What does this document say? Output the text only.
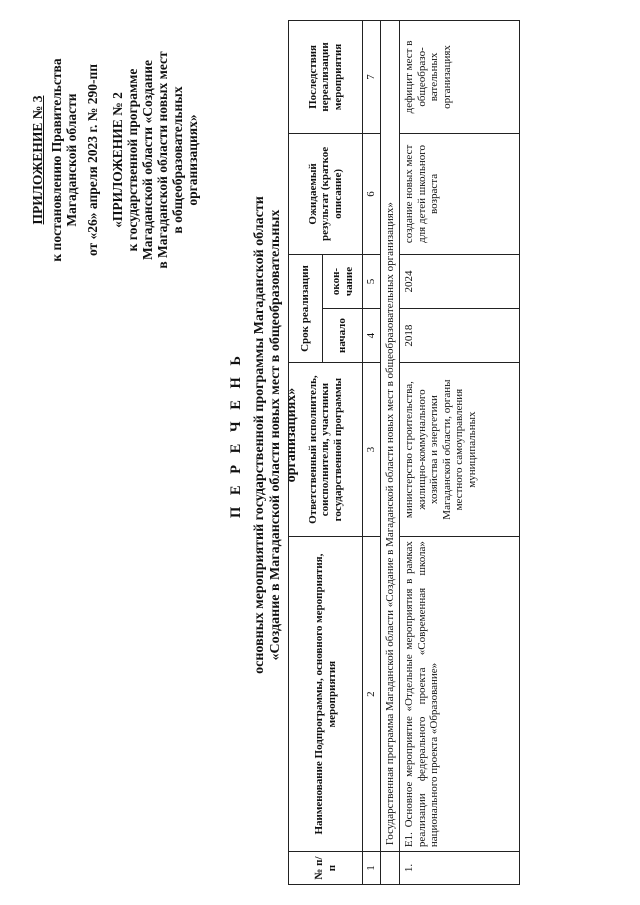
ПРИЛОЖЕНИЕ № 3 к постановлению Правительства Магаданской области от «26» апреля 2023 г. № 290-пп «ПРИЛОЖЕНИЕ № 2 к государственной программе Магаданской области «Создание в Магаданской области новых мест в общеобразовательных организациях»
П Е Р Е Ч Е Н Ь основных мероприятий государственной программы Магаданской области «Создание в Магаданской области новых мест в общеобразовательных организациях»
№ п/п	Наименование Подпрограммы, основного мероприятия, мероприятия	Ответственный исполнитель, соисполнители, участники государственной программы	Срок реализации		Ожидаемый результат (краткое описание)	Последствия нереализации мероприятия
			начало	окон-чание		
1	2	3	4	5	6	7
	Государственная программа Магаданской области «Создание в Магаданской области новых мест в общеобразовательных организациях»					
1.	Е1. Основное мероприятие «Отдельные мероприятия в рамках реализации федерального проекта «Современная школа» национального проекта «Образование»	министерство строительства, жилищно-коммунального хозяйства и энергетики Магаданской области, органы местного самоуправления муниципальных	2018	2024	создание новых мест для детей школьного возраста	дефицит мест в общеобразо-вательных организациях
